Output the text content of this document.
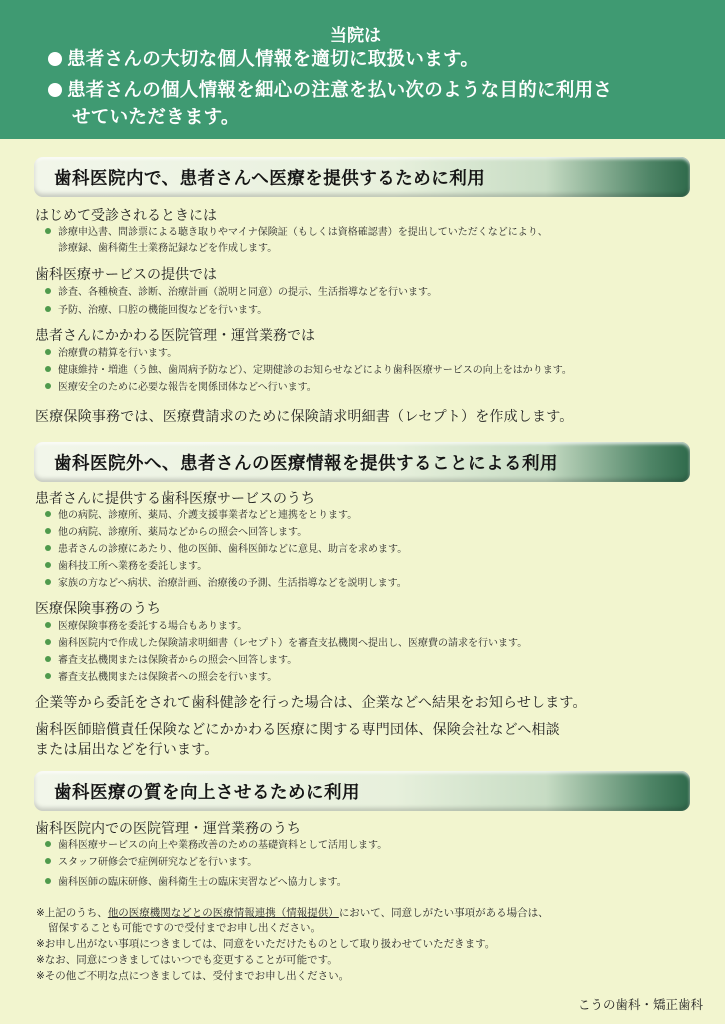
当院は
患者さんの大切な個人情報を適切に取扱います。
患者さんの個人情報を細心の注意を払い次のような目的に利用さ
せていただきます。
歯科医院内で、患者さんへ医療を提供するために利用
はじめて受診されるときには
診療申込書、問診票による聴き取りやマイナ保険証（もしくは資格確認書）を提出していただくなどにより、
診療録、歯科衛生士業務記録などを作成します。
歯科医療サービスの提供では
診査、各種検査、診断、治療計画（説明と同意）の提示、生活指導などを行います。
予防、治療、口腔の機能回復などを行います。
患者さんにかかわる医院管理・運営業務では
治療費の精算を行います。
健康維持・増進（う蝕、歯周病予防など）、定期健診のお知らせなどにより歯科医療サービスの向上をはかります。
医療安全のために必要な報告を関係団体などへ行います。
医療保険事務では、医療費請求のために保険請求明細書（レセプト）を作成します。
歯科医院外へ、患者さんの医療情報を提供することによる利用
患者さんに提供する歯科医療サービスのうち
他の病院、診療所、薬局、介護支援事業者などと連携をとります。
他の病院、診療所、薬局などからの照会へ回答します。
患者さんの診療にあたり、他の医師、歯科医師などに意見、助言を求めます。
歯科技工所へ業務を委託します。
家族の方などへ病状、治療計画、治療後の予測、生活指導などを説明します。
医療保険事務のうち
医療保険事務を委託する場合もあります。
歯科医院内で作成した保険請求明細書（レセプト）を審査支払機関へ提出し、医療費の請求を行います。
審査支払機関または保険者からの照会へ回答します。
審査支払機関または保険者への照会を行います。
企業等から委託をされて歯科健診を行った場合は、企業などへ結果をお知らせします。
歯科医師賠償責任保険などにかかわる医療に関する専門団体、保険会社などへ相談
または届出などを行います。
歯科医療の質を向上させるために利用
歯科医院内での医院管理・運営業務のうち
歯科医療サービスの向上や業務改善のための基礎資料として活用します。
スタッフ研修会で症例研究などを行います。
歯科医師の臨床研修、歯科衛生士の臨床実習などへ協力します。
※上記のうち、他の医療機関などとの医療情報連携（情報提供）において、同意しがたい事項がある場合は、
留保することも可能ですので受付までお申し出ください。
※お申し出がない事項につきましては、同意をいただけたものとして取り扱わせていただきます。
※なお、同意につきましてはいつでも変更することが可能です。
※その他ご不明な点につきましては、受付までお申し出ください。
こうの歯科・矯正歯科
